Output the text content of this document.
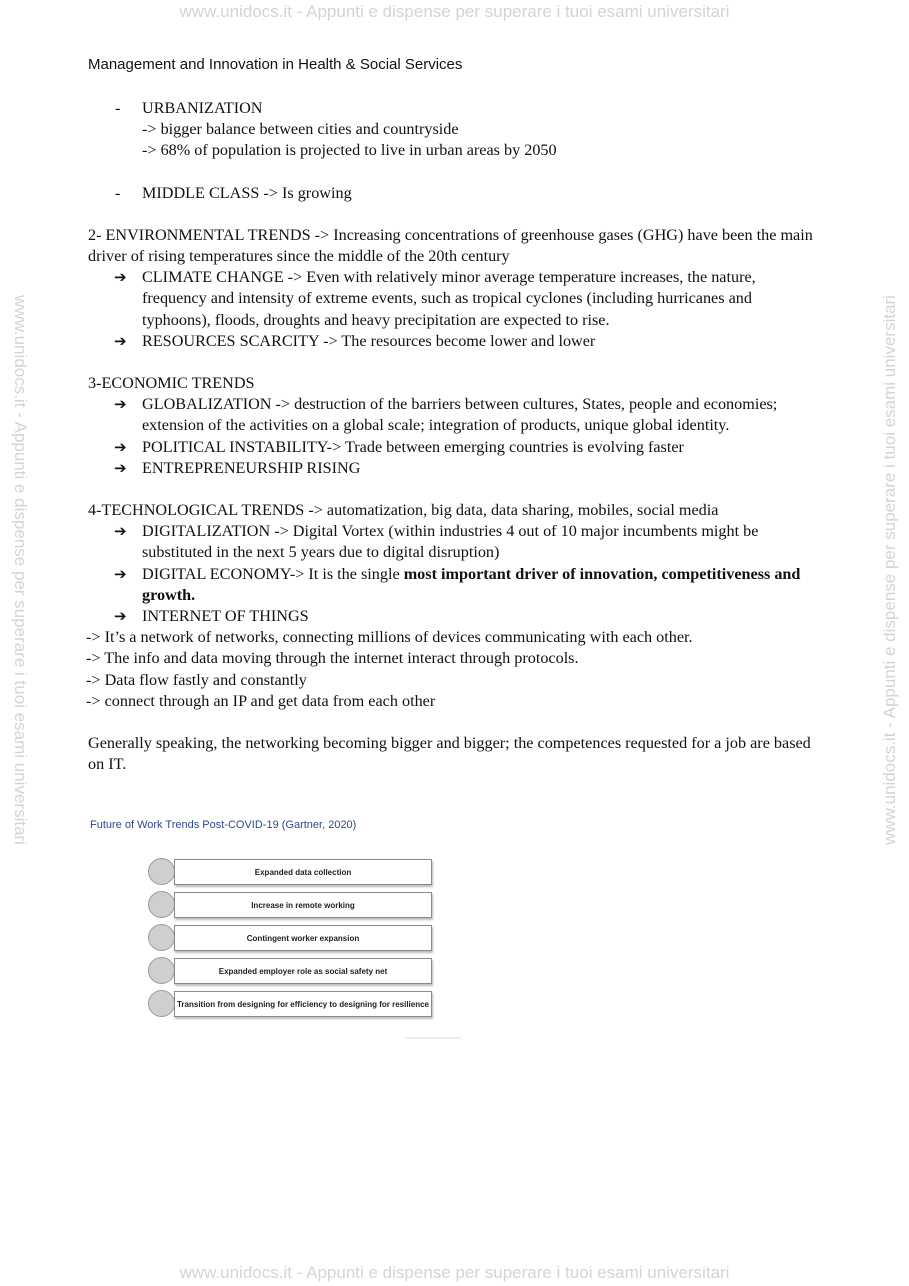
www.unidocs.it - Appunti e dispense per superare i tuoi esami universitari
www.unidocs.it - Appunti e dispense per superare i tuoi esami universitari	www.unidocs.it - Appunti e dispense per superare i tuoi esami universitari
www.unidocs.it - Appunti e dispense per superare i tuoi esami universitari
Management and Innovation in Health & Social Services
- URBANIZATION
-> bigger balance between cities and countryside
-> 68% of population is projected to live in urban areas by 2050
- MIDDLE CLASS -> Is growing
2- ENVIRONMENTAL TRENDS -> Increasing concentrations of greenhouse gases (GHG) have been the main driver of rising temperatures since the middle of the 20th century
➔ CLIMATE CHANGE -> Even with relatively minor average temperature increases, the nature, frequency and intensity of extreme events, such as tropical cyclones (including hurricanes and typhoons), floods, droughts and heavy precipitation are expected to rise.
➔ RESOURCES SCARCITY -> The resources become lower and lower
3-ECONOMIC TRENDS
➔ GLOBALIZATION -> destruction of the barriers between cultures, States, people and economies; extension of the activities on a global scale; integration of products, unique global identity.
➔ POLITICAL INSTABILITY-> Trade between emerging countries is evolving faster
➔ ENTREPRENEURSHIP RISING
4-TECHNOLOGICAL TRENDS -> automatization, big data, data sharing, mobiles, social media
➔ DIGITALIZATION -> Digital Vortex (within industries 4 out of 10 major incumbents might be substituted in the next 5 years due to digital disruption)
➔ DIGITAL ECONOMY-> It is the single most important driver of innovation, competitiveness and growth.
➔ INTERNET OF THINGS
-> It’s a network of networks, connecting millions of devices communicating with each other.
-> The info and data moving through the internet interact through protocols.
-> Data flow fastly and constantly
-> connect through an IP and get data from each other
Generally speaking, the networking becoming bigger and bigger; the competences requested for a job are based on IT.
Future of Work Trends Post-COVID-19 (Gartner, 2020)
Expanded data collection
Increase in remote working
Contingent worker expansion
Expanded employer role as social safety net
Transition from designing for efficiency to designing for resilience
